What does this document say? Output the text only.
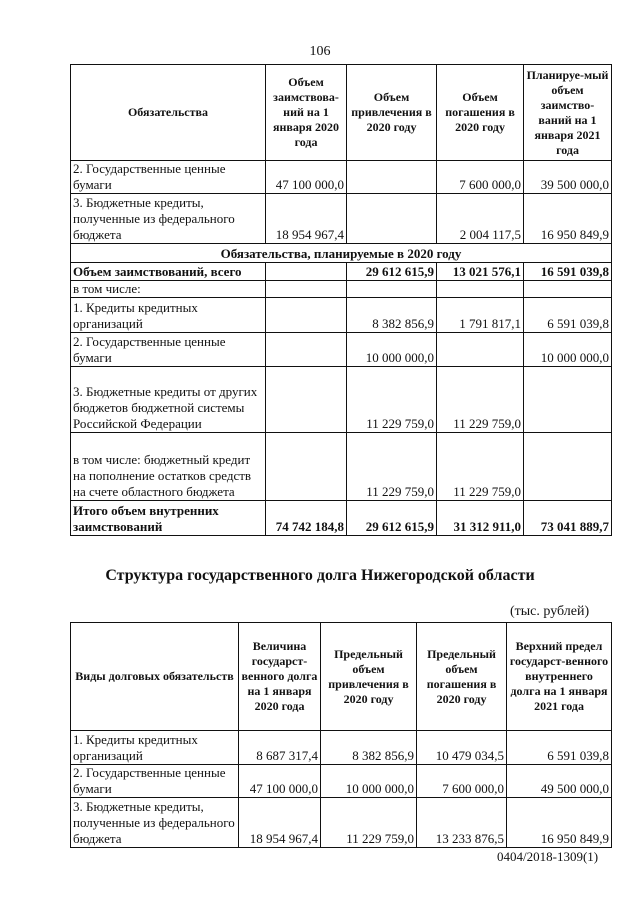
106
Обязательства	Объем заимствова-ний на 1 января 2020 года	Объем привлечения в 2020 году	Объем погашения в 2020 году	Планируе-мый объем заимство-ваний на 1 января 2021 года
2. Государственные ценные бумаги	47 100 000,0		7 600 000,0	39 500 000,0
3. Бюджетные кредиты, полученные из федерального бюджета	18 954 967,4		2 004 117,5	16 950 849,9
Обязательства, планируемые в 2020 году				
Объем заимствований, всего		29 612 615,9	13 021 576,1	16 591 039,8
в том числе:				
1. Кредиты кредитных организаций		8 382 856,9	1 791 817,1	6 591 039,8
2. Государственные ценные бумаги		10 000 000,0		10 000 000,0
3. Бюджетные кредиты от других бюджетов бюджетной системы Российской Федерации		11 229 759,0	11 229 759,0	
в том числе: бюджетный кредит на пополнение остатков средств на счете областного бюджета		11 229 759,0	11 229 759,0	
Итого объем внутренних заимствований	74 742 184,8	29 612 615,9	31 312 911,0	73 041 889,7
Структура государственного долга Нижегородской области
(тыс. рублей)
Виды долговых обязательств	Величина государст-венного долга на 1 января 2020 года	Предельный объем привлечения в 2020 году	Предельный объем погашения в 2020 году	Верхний предел государст-венного внутреннего долга на 1 января 2021 года
1. Кредиты кредитных организаций	8 687 317,4	8 382 856,9	10 479 034,5	6 591 039,8
2. Государственные ценные бумаги	47 100 000,0	10 000 000,0	7 600 000,0	49 500 000,0
3. Бюджетные кредиты, полученные из федерального бюджета	18 954 967,4	11 229 759,0	13 233 876,5	16 950 849,9
0404/2018-1309(1)
